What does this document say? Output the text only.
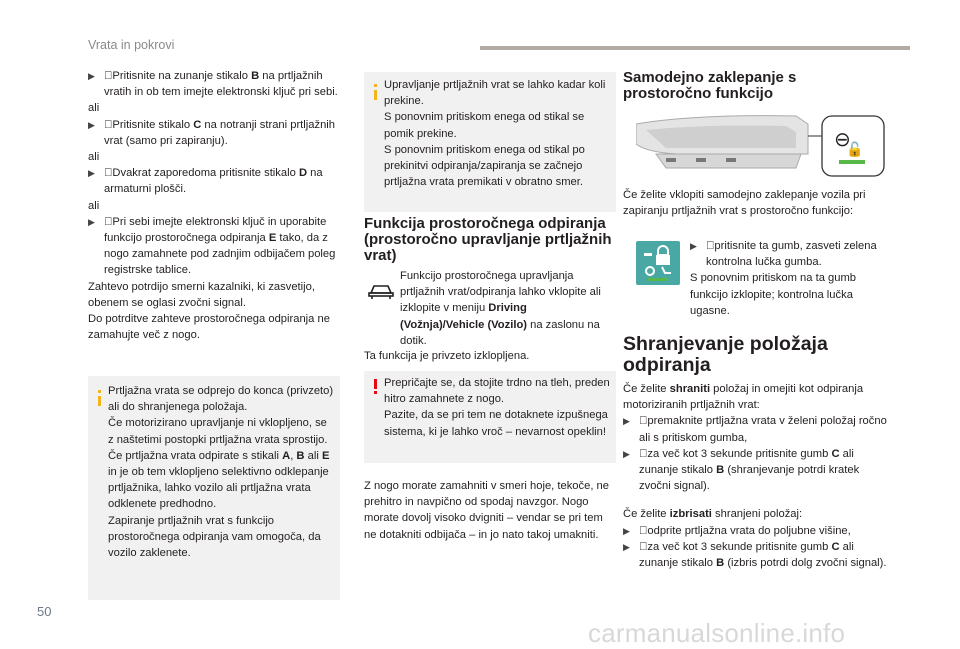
Vrata in pokrovi

▶ Pritisnite na zunanje stikalo B na prtljažnih vratih in ob tem imejte elektronski ključ pri sebi.

ali

▶ Pritisnite stikalo C na notranji strani prtljažnih vrat (samo pri zapiranju).

ali

▶ Dvakrat zaporedoma pritisnite stikalo D na armaturni plošči.

ali

▶ Pri sebi imejte elektronski ključ in uporabite funkcijo prostoročnega odpiranja E tako, da z nogo zamahnete pod zadnjim odbijačem poleg registrske tablice.

Zahtevo potrdijo smerni kazalniki, ki zasvetijo, obenem se oglasi zvočni signal.

Do potrditve zahteve prostoročnega odpiranja ne zamahujte več z nogo.

Prtljažna vrata se odprejo do konca (privzeto) ali do shranjenega položaja.

Če motorizirano upravljanje ni vklopljeno, se z naštetimi postopki prtljažna vrata sprostijo.

Če prtljažna vrata odpirate s stikali A, B ali E in je ob tem vklopljeno selektivno odklepanje prtljažnika, lahko vozilo ali prtljažna vrata odklenete predhodno.

Zapiranje prtljažnih vrat s funkcijo prostoročnega odpiranja vam omogoča, da vozilo zaklenete.

Upravljanje prtljažnih vrat se lahko kadar koli prekine.

S ponovnim pritiskom enega od stikal se pomik prekine.

S ponovnim pritiskom enega od stikal po prekinitvi odpiranja/zapiranja se začnejo prtljažna vrata premikati v obratno smer.

Funkcija prostoročnega odpiranja (prostoročno upravljanje prtljažnih vrat)

Funkcijo prostoročnega upravljanja prtljažnih vrat/odpiranja lahko vklopite ali izklopite v meniju Driving (Vožnja)/Vehicle (Vozilo) na zaslonu na dotik.

Ta funkcija je privzeto izklopljena.

Prepričajte se, da stojite trdno na tleh, preden hitro zamahnete z nogo.

Pazite, da se pri tem ne dotaknete izpušnega sistema, ki je lahko vroč – nevarnost opeklin!

Z nogo morate zamahniti v smeri hoje, tekoče, ne prehitro in navpično od spodaj navzgor. Nogo morate dovolj visoko dvigniti – vendar se pri tem ne dotakniti odbijača – in jo nato takoj umakniti.
Samodejno zaklepanje s prostoročno funkcijo
⊖
🔓
Če želite vklopiti samodejno zaklepanje vozila pri zapiranju prtljažnih vrat s prostoročno funkcijo:

▶ pritisnite ta gumb, zasveti zelena kontrolna lučka gumba.

S ponovnim pritiskom na ta gumb funkcijo izklopite; kontrolna lučka ugasne.

Shranjevanje položaja odpiranja

Če želite shraniti položaj in omejiti kot odpiranja motoriziranih prtljažnih vrat:

▶ premaknite prtljažna vrata v želeni položaj ročno ali s pritiskom gumba,

▶ za več kot 3 sekunde pritisnite gumb C ali zunanje stikalo B (shranjevanje potrdi kratek zvočni signal).

Če želite izbrisati shranjeni položaj:

▶ odprite prtljažna vrata do poljubne višine,

▶ za več kot 3 sekunde pritisnite gumb C ali zunanje stikalo B (izbris potrdi dolg zvočni signal).

50
carmanualsonline.info
